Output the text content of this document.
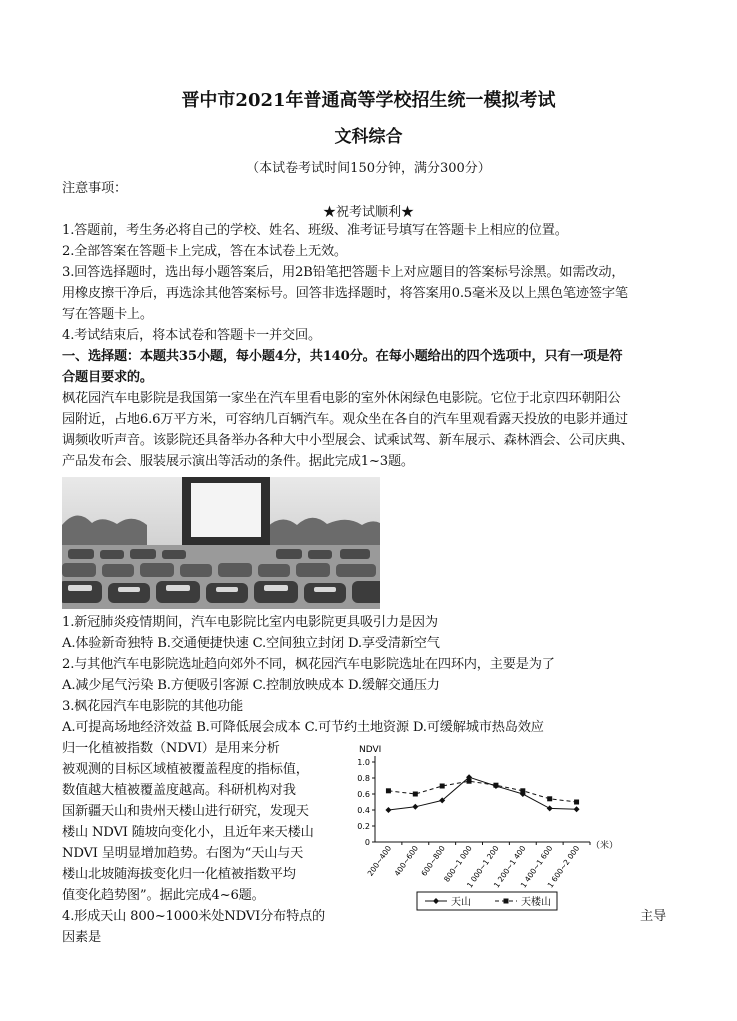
晋中市2021年普通高等学校招生统一模拟考试
文科综合
（本试卷考试时间150分钟，满分300分）
注意事项：
★祝考试顺利★
1.答题前，考生务必将自己的学校、姓名、班级、准考证号填写在答题卡上相应的位置。
2.全部答案在答题卡上完成，答在本试卷上无效。
3.回答选择题时，选出每小题答案后，用2B铅笔把答题卡上对应题目的答案标号涂黑。如需改动，
用橡皮擦干净后，再选涂其他答案标号。回答非选择题时，将答案用0.5毫米及以上黑色笔迹签字笔
写在答题卡上。
4.考试结束后，将本试卷和答题卡一并交回。
一、选择题：本题共35小题，每小题4分，共140分。在每小题给出的四个选项中，只有一项是符
合题目要求的。
枫花园汽车电影院是我国第一家坐在汽车里看电影的室外休闲绿色电影院。它位于北京四环朝阳公
园附近，占地6.6万平方米，可容纳几百辆汽车。观众坐在各自的汽车里观看露天投放的电影并通过
调频收听声音。该影院还具备举办各种大中小型展会、试乘试驾、新车展示、森林酒会、公司庆典、
产品发布会、服装展示演出等活动的条件。据此完成1~3题。
1.新冠肺炎疫情期间，汽车电影院比室内电影院更具吸引力是因为
A.体验新奇独特 B.交通便捷快速 C.空间独立封闭 D.享受清新空气
2.与其他汽车电影院选址趋向郊外不同，枫花园汽车电影院选址在四环内，主要是为了
A.减少尾气污染 B.方便吸引客源 C.控制放映成本 D.缓解交通压力
3.枫花园汽车电影院的其他功能
A.可提高场地经济效益 B.可降低展会成本 C.可节约土地资源 D.可缓解城市热岛效应
归一化植被指数（NDVI）是用来分析
被观测的目标区域植被覆盖程度的指标值，
数值越大植被覆盖度越高。科研机构对我
国新疆天山和贵州天楼山进行研究，发现天
楼山 NDVI 随坡向变化小，且近年来天楼山
NDVI 呈明显增加趋势。右图为“天山与天
楼山北坡随海拔变化归一化植被指数平均
值变化趋势图”。据此完成4~6题。
4.形成天山 800~1000米处NDVI分布特点的	主导
因素是
NDVI
0
0.2
0.4
0.6
0.8
1.0
200~400 400~600 600~800
800~1 000
1 000~1 200
1 200~1 400
1 400~1 600
1 600~2 000 （米）
天山	天楼山
